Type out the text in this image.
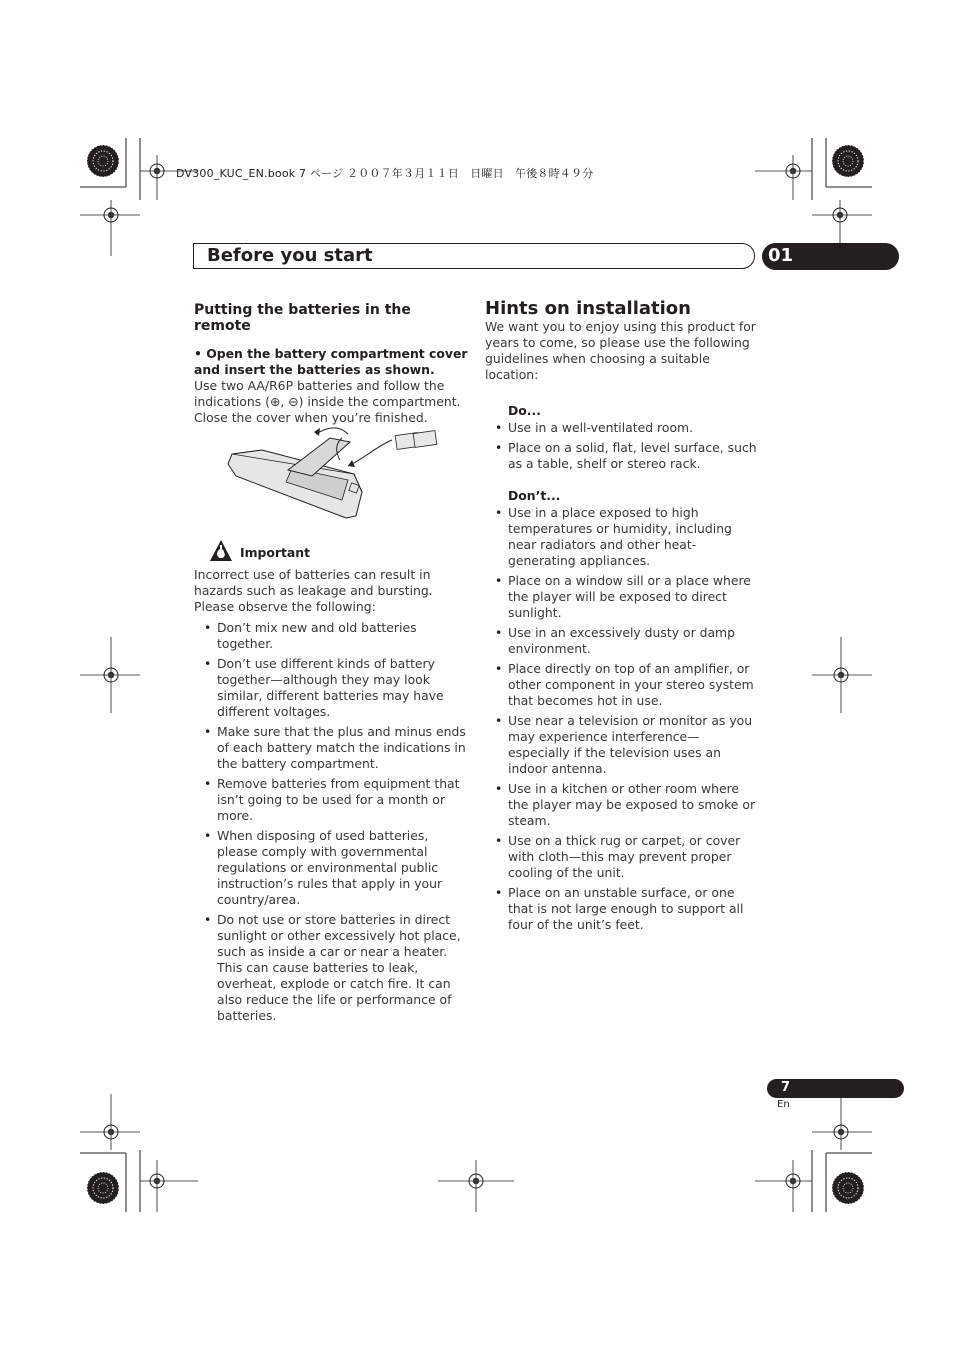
DV300_KUC_EN.book 7 ページ ２００７年３月１１日　日曜日　午後８時４９分
Before you start	01
Putting the batteries in the remote
• Open the battery compartment cover and insert the batteries as shown.
Use two AA/R6P batteries and follow the indications (⊕, ⊖) inside the compartment. Close the cover when you’re finished.
Important
Incorrect use of batteries can result in hazards such as leakage and bursting. Please observe the following:
• Don’t mix new and old batteries together.
• Don’t use different kinds of battery together—although they may look similar, different batteries may have different voltages.
• Make sure that the plus and minus ends of each battery match the indications in the battery compartment.
• Remove batteries from equipment that isn’t going to be used for a month or more.
• When disposing of used batteries, please comply with governmental regulations or environmental public instruction’s rules that apply in your country/area.
• Do not use or store batteries in direct sunlight or other excessively hot place, such as inside a car or near a heater. This can cause batteries to leak, overheat, explode or catch fire. It can also reduce the life or performance of batteries.
Hints on installation
We want you to enjoy using this product for years to come, so please use the following guidelines when choosing a suitable location:
Do...
• Use in a well-ventilated room.
• Place on a solid, flat, level surface, such as a table, shelf or stereo rack.
Don’t...
• Use in a place exposed to high temperatures or humidity, including near radiators and other heat-generating appliances.
• Place on a window sill or a place where the player will be exposed to direct sunlight.
• Use in an excessively dusty or damp environment.
• Place directly on top of an amplifier, or other component in your stereo system that becomes hot in use.
• Use near a television or monitor as you may experience interference—especially if the television uses an indoor antenna.
• Use in a kitchen or other room where the player may be exposed to smoke or steam.
• Use on a thick rug or carpet, or cover with cloth—this may prevent proper cooling of the unit.
• Place on an unstable surface, or one that is not large enough to support all four of the unit’s feet.
7
En
